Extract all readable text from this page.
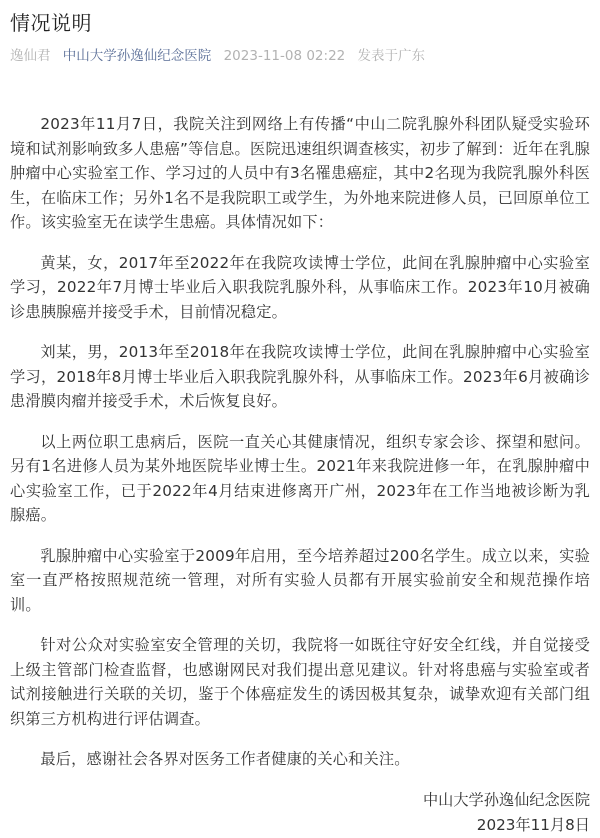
情况说明
逸仙君 中山大学孙逸仙纪念医院 2023-11-08 02:22 发表于广东

2023年11月7日，我院关注到网络上有传播“中山二院乳腺外科团队疑受实验环境和试剂影响致多人患癌”等信息。医院迅速组织调查核实，初步了解到：近年在乳腺肿瘤中心实验室工作、学习过的人员中有3名罹患癌症，其中2名现为我院乳腺外科医生，在临床工作；另外1名不是我院职工或学生，为外地来院进修人员，已回原单位工作。该实验室无在读学生患癌。具体情况如下：

黄某，女，2017年至2022年在我院攻读博士学位，此间在乳腺肿瘤中心实验室学习，2022年7月博士毕业后入职我院乳腺外科，从事临床工作。2023年10月被确诊患胰腺癌并接受手术，目前情况稳定。

刘某，男，2013年至2018年在我院攻读博士学位，此间在乳腺肿瘤中心实验室学习，2018年8月博士毕业后入职我院乳腺外科，从事临床工作。2023年6月被确诊患滑膜肉瘤并接受手术，术后恢复良好。

以上两位职工患病后，医院一直关心其健康情况，组织专家会诊、探望和慰问。另有1名进修人员为某外地医院毕业博士生。2021年来我院进修一年，在乳腺肿瘤中心实验室工作，已于2022年4月结束进修离开广州，2023年在工作当地被诊断为乳腺癌。

乳腺肿瘤中心实验室于2009年启用，至今培养超过200名学生。成立以来，实验室一直严格按照规范统一管理，对所有实验人员都有开展实验前安全和规范操作培训。

针对公众对实验室安全管理的关切，我院将一如既往守好安全红线，并自觉接受上级主管部门检查监督，也感谢网民对我们提出意见建议。针对将患癌与实验室或者试剂接触进行关联的关切，鉴于个体癌症发生的诱因极其复杂，诚挚欢迎有关部门组织第三方机构进行评估调查。

最后，感谢社会各界对医务工作者健康的关心和关注。

中山大学孙逸仙纪念医院
2023年11月8日
